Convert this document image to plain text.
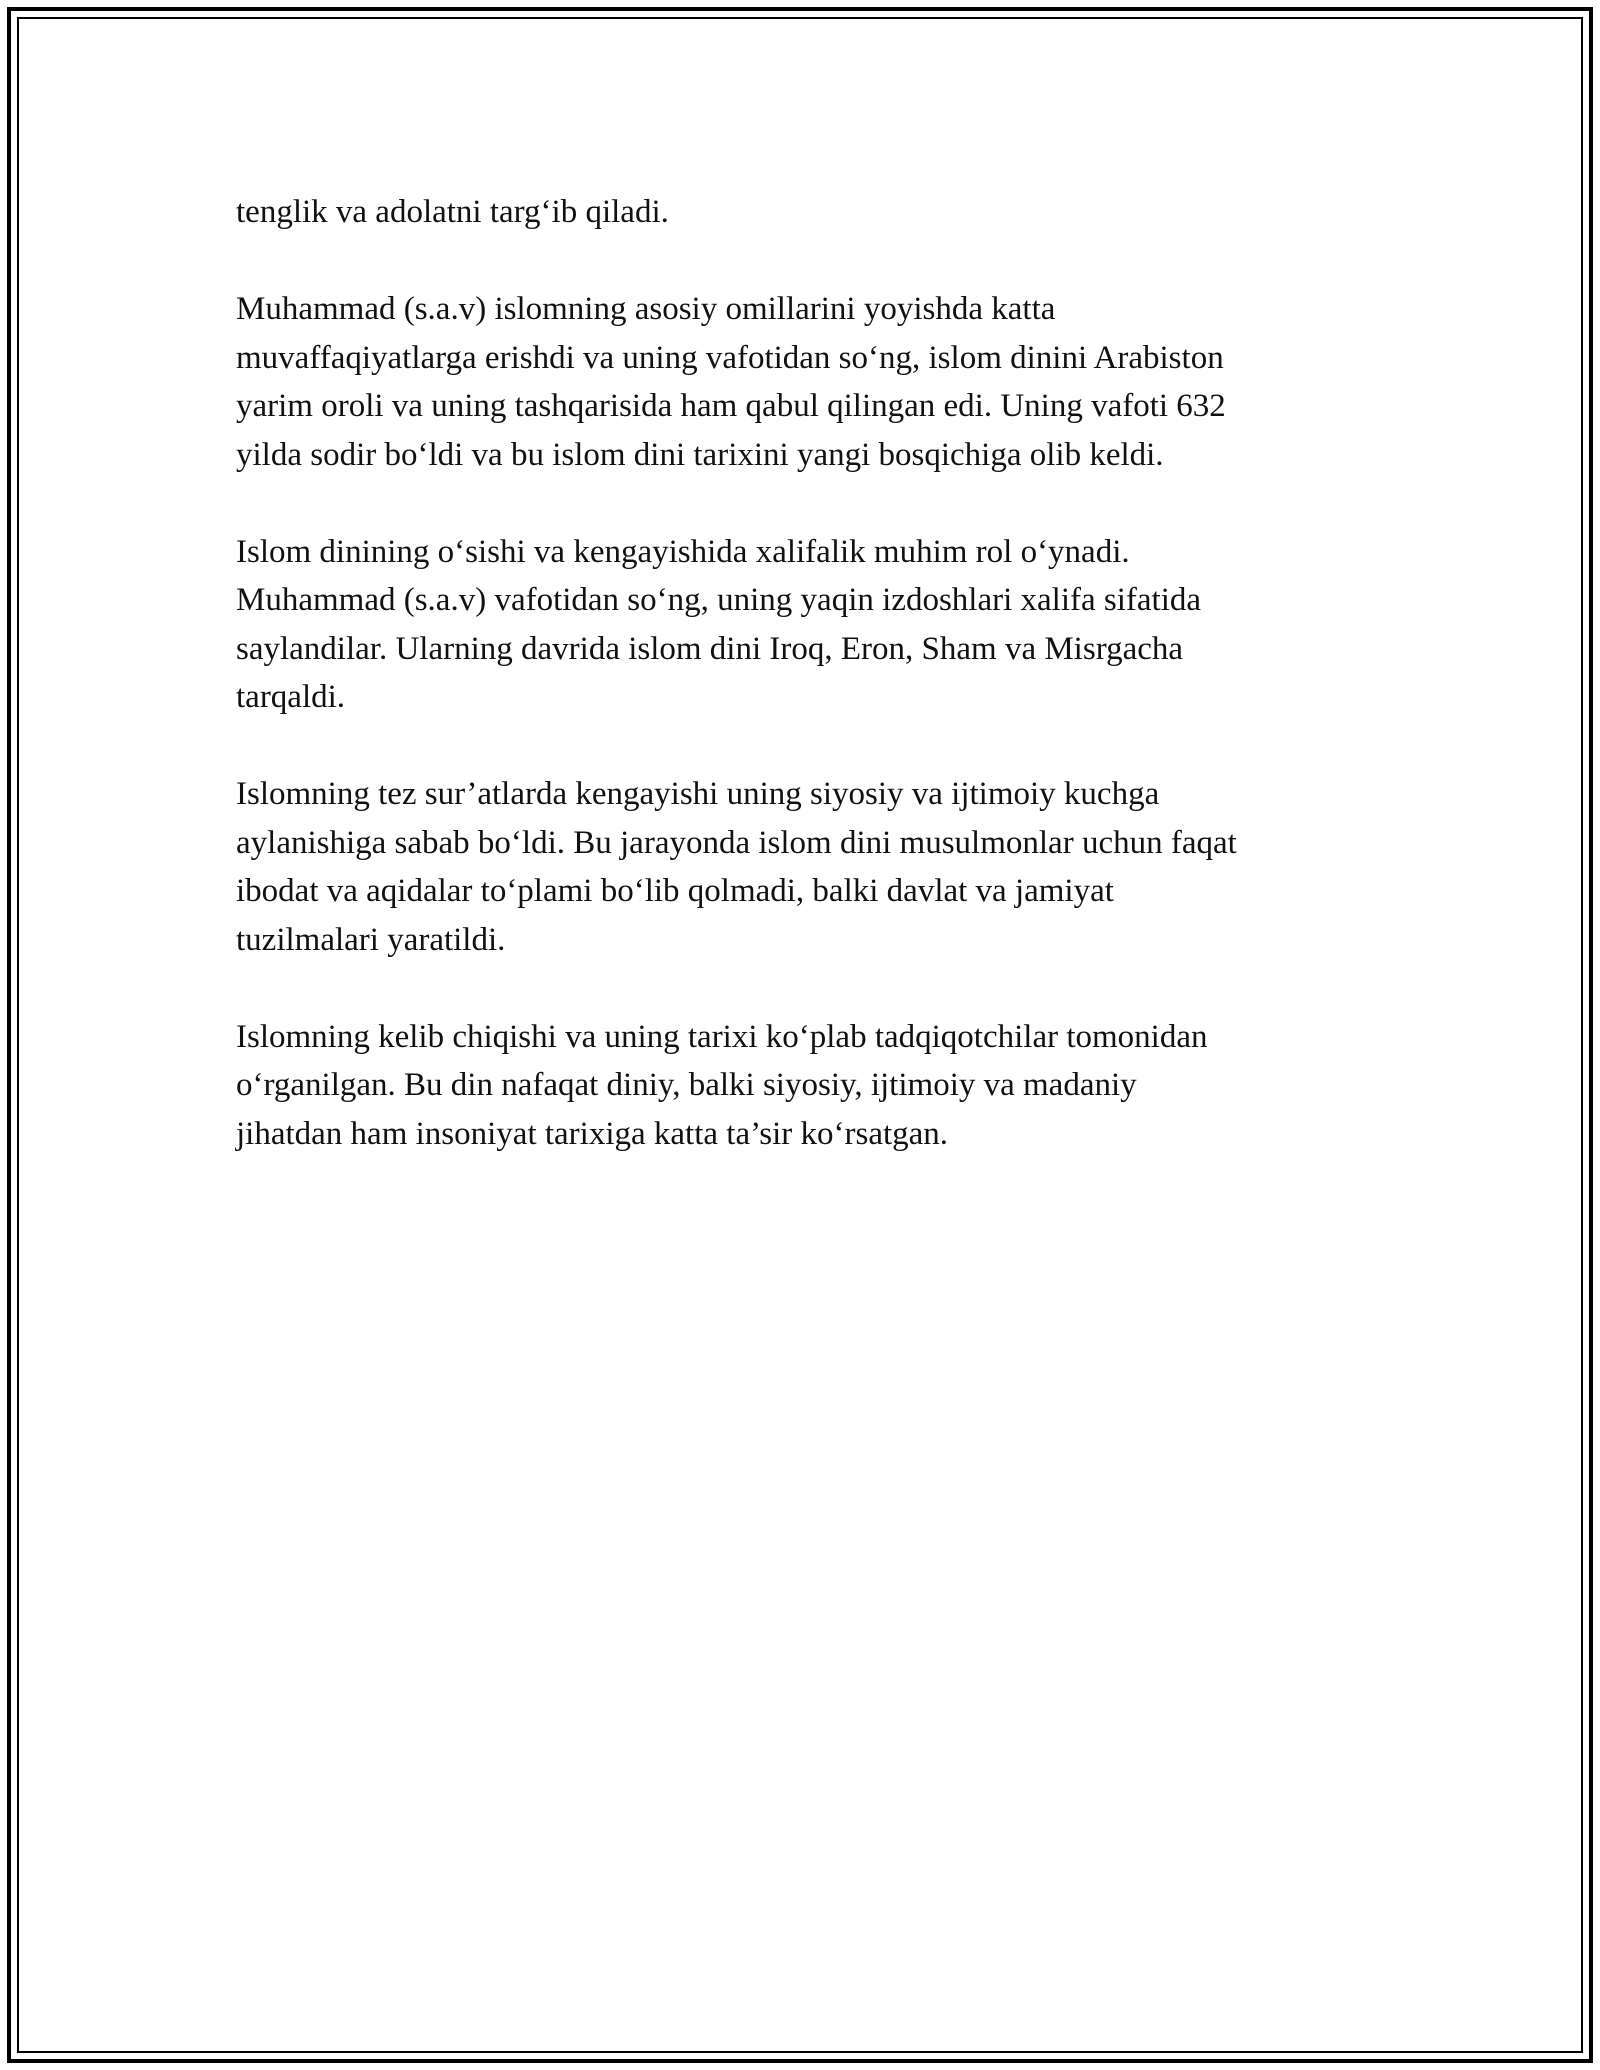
tenglik va adolatni targ‘ib qiladi.

Muhammad (s.a.v) islomning asosiy omillarini yoyishda katta
muvaffaqiyatlarga erishdi va uning vafotidan so‘ng, islom dinini Arabiston
yarim oroli va uning tashqarisida ham qabul qilingan edi. Uning vafoti 632
yilda sodir bo‘ldi va bu islom dini tarixini yangi bosqichiga olib keldi.

Islom dinining o‘sishi va kengayishida xalifalik muhim rol o‘ynadi.
Muhammad (s.a.v) vafotidan so‘ng, uning yaqin izdoshlari xalifa sifatida
saylandilar. Ularning davrida islom dini Iroq, Eron, Sham va Misrgacha
tarqaldi.

Islomning tez sur’atlarda kengayishi uning siyosiy va ijtimoiy kuchga
aylanishiga sabab bo‘ldi. Bu jarayonda islom dini musulmonlar uchun faqat
ibodat va aqidalar to‘plami bo‘lib qolmadi, balki davlat va jamiyat
tuzilmalari yaratildi.

Islomning kelib chiqishi va uning tarixi ko‘plab tadqiqotchilar tomonidan
o‘rganilgan. Bu din nafaqat diniy, balki siyosiy, ijtimoiy va madaniy
jihatdan ham insoniyat tarixiga katta ta’sir ko‘rsatgan.
